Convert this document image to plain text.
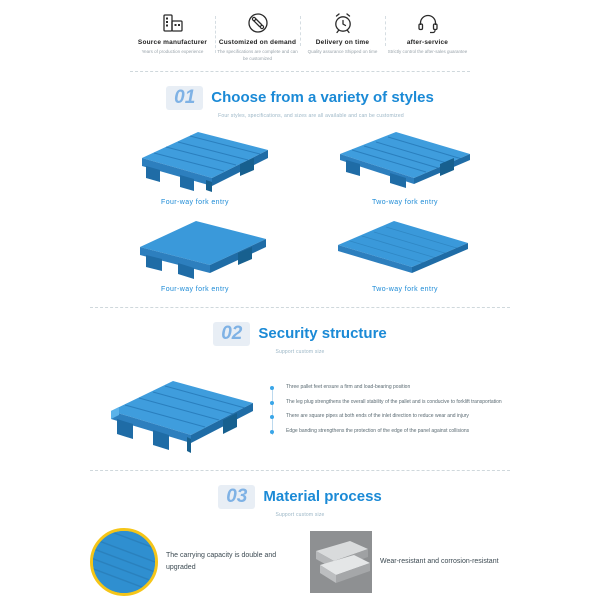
Source manufacturer
Years of production experience
Customized on demand
The specifications are complete and can be customized
Delivery on time
Quality assurance Shipped on time
after-service
Strictly control the after-sales guarantee
01	Choose from a variety of styles
Four styles, specifications, and sizes are all available and can be customized
Four-way fork entry	Two-way fork entry
Four-way fork entry	Two-way fork entry
02	Security structure
Support custom size
Three pallet feet ensure a firm and load-bearing position
The leg plug strengthens the overall stability of the pallet and is conducive to forklift transportation
There are square pipes at both ends of the inlet direction to reduce wear and injury
Edge banding strengthens the protection of the edge of the panel against collisions
03	Material process
Support custom size
The carrying capacity is double and upgraded
Wear-resistant and corrosion-resistant
